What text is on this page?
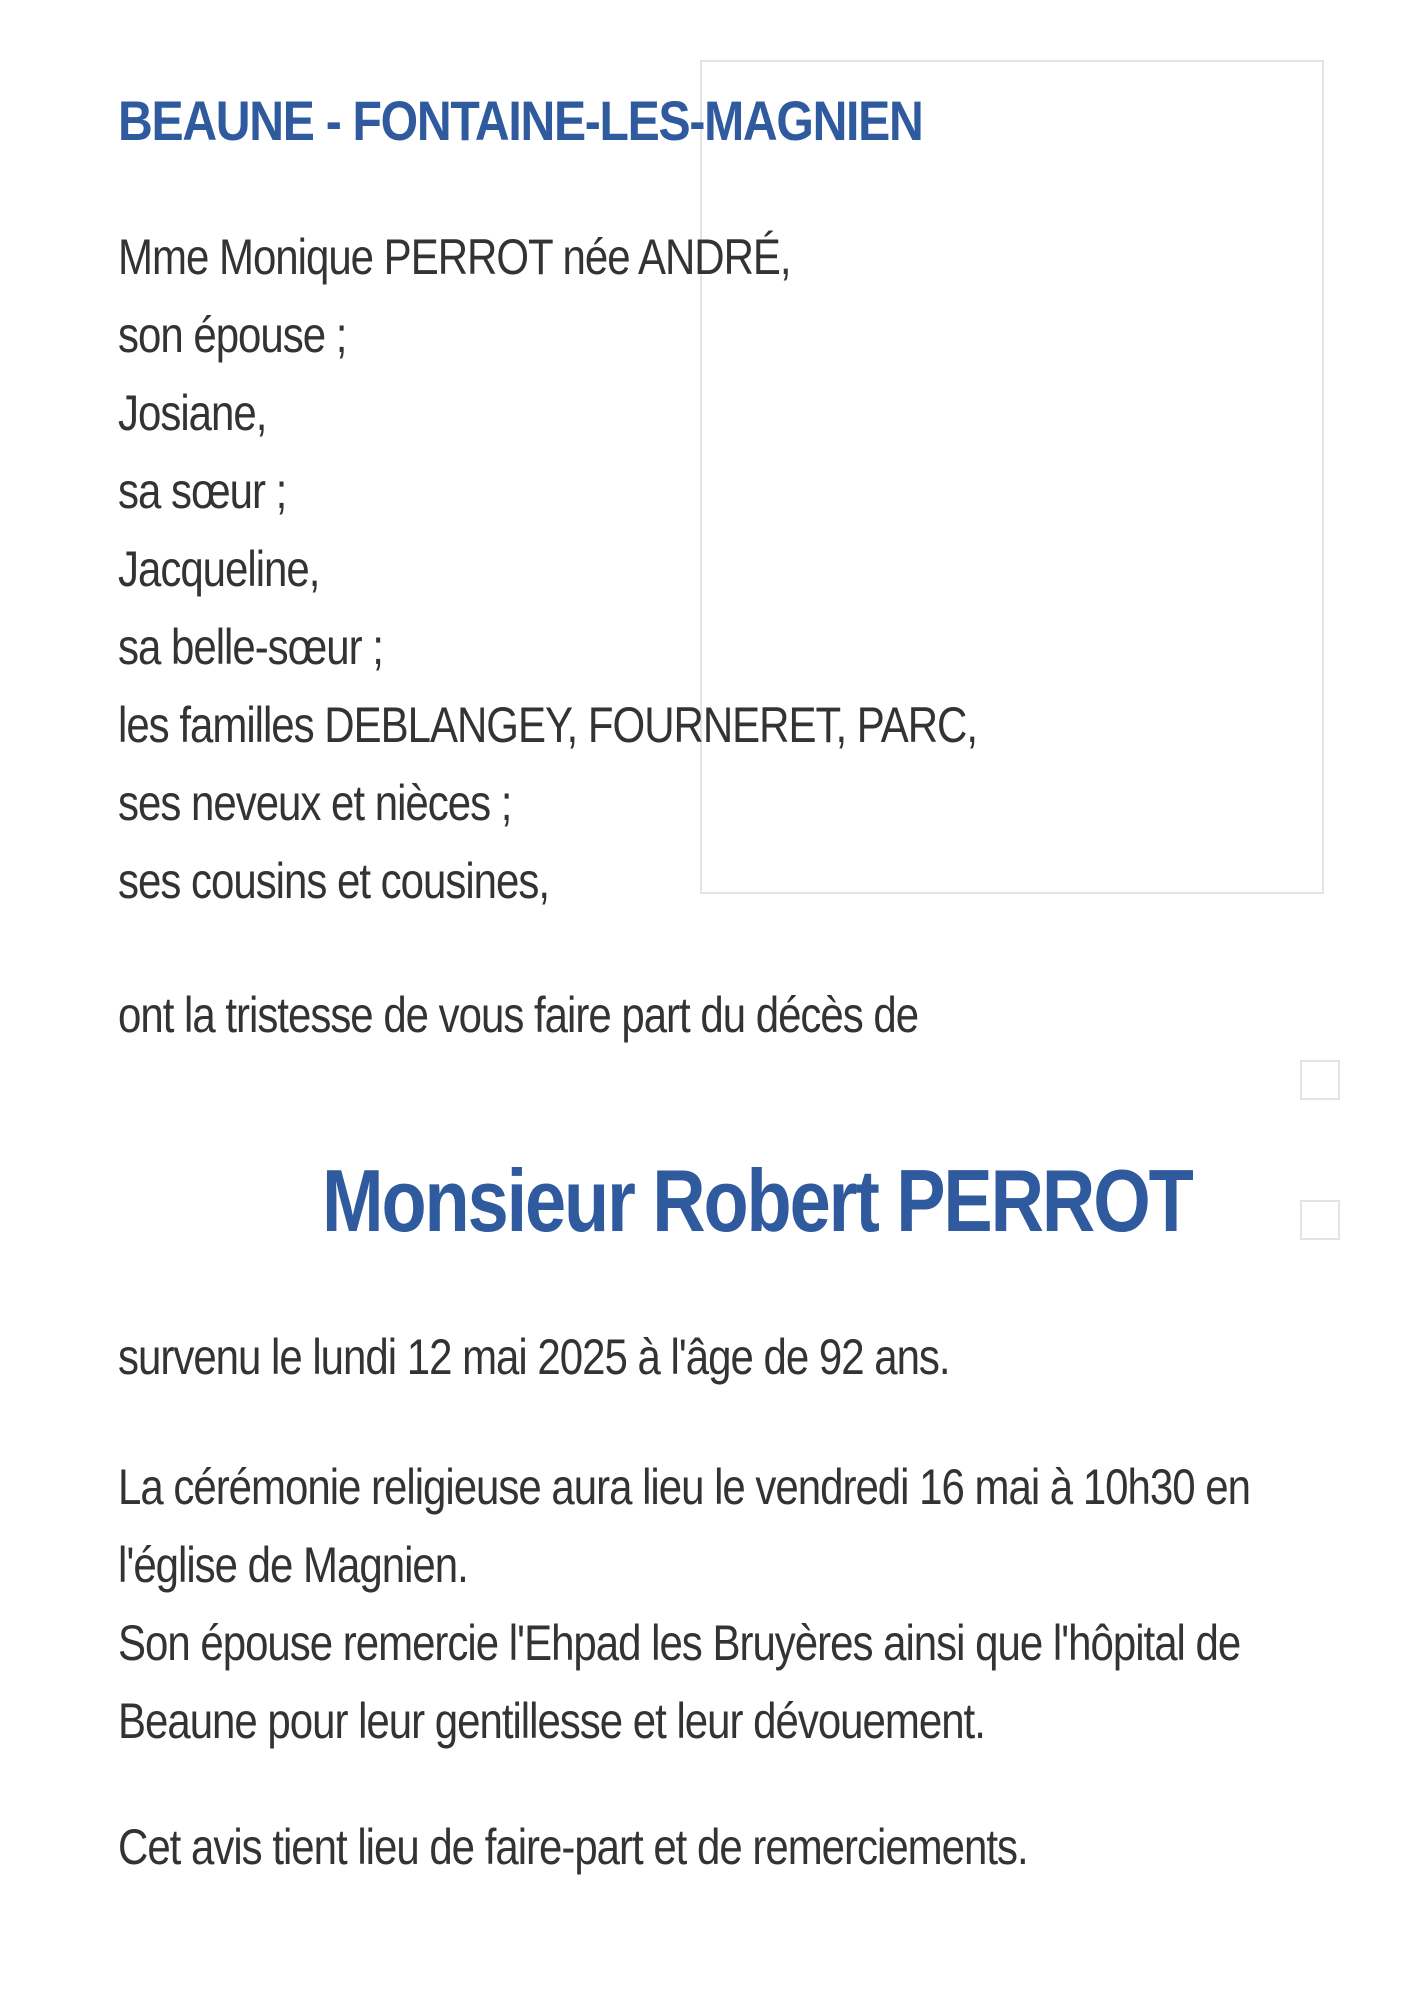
BEAUNE - FONTAINE-LES-MAGNIEN
Mme Monique PERROT née ANDRÉ,
son épouse ;
Josiane,
sa sœur ;
Jacqueline,
sa belle-sœur ;
les familles DEBLANGEY, FOURNERET, PARC,
ses neveux et nièces ;
ses cousins et cousines,
ont la tristesse de vous faire part du décès de
Monsieur Robert PERROT
survenu le lundi 12 mai 2025 à l'âge de 92 ans.
La cérémonie religieuse aura lieu le vendredi 16 mai à 10h30 en
l'église de Magnien.
Son épouse remercie l'Ehpad les Bruyères ainsi que l'hôpital de
Beaune pour leur gentillesse et leur dévouement.
Cet avis tient lieu de faire-part et de remerciements.
